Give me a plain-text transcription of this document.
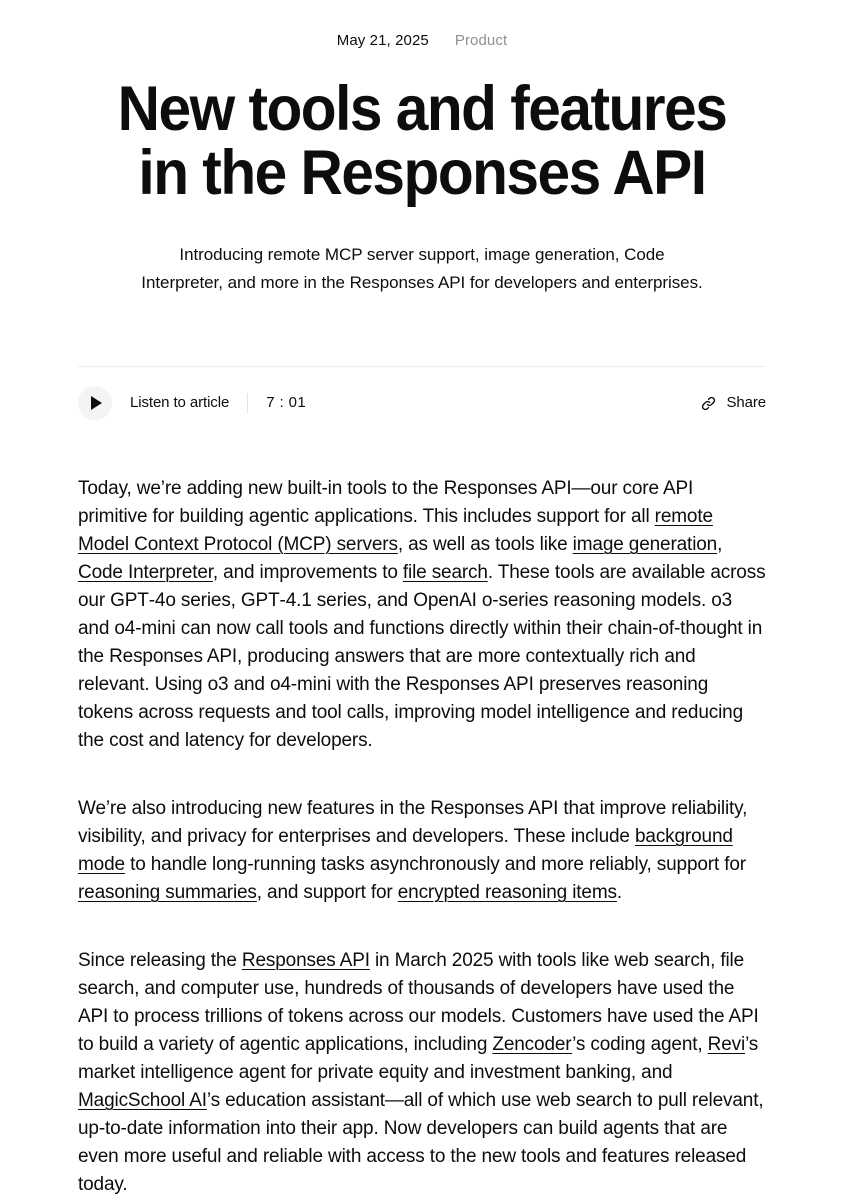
May 21, 2025 Product
New tools and features
in the Responses API
Introducing remote MCP server support, image generation, Code
Interpreter, and more in the Responses API for developers and enterprises.
Listen to article 7 : 01	Share

Today, we’re adding new built-in tools to the Responses API—our core API primitive for building agentic applications. This includes support for all remote Model Context Protocol (MCP) servers, as well as tools like image generation, Code Interpreter, and improvements to file search. These tools are available across our GPT‑4o series, GPT‑4.1 series, and OpenAI o‑series reasoning models. o3 and o4‑mini can now call tools and functions directly within their chain‑of‑thought in the Responses API, producing answers that are more contextually rich and relevant. Using o3 and o4‑mini with the Responses API preserves reasoning tokens across requests and tool calls, improving model intelligence and reducing the cost and latency for developers.

We’re also introducing new features in the Responses API that improve reliability, visibility, and privacy for enterprises and developers. These include background mode to handle long‑running tasks asynchronously and more reliably, support for reasoning summaries, and support for encrypted reasoning items.

Since releasing the Responses API in March 2025 with tools like web search, file search, and computer use, hundreds of thousands of developers have used the API to process trillions of tokens across our models. Customers have used the API to build a variety of agentic applications, including Zencoder’s coding agent, Revi’s market intelligence agent for private equity and investment banking, and MagicSchool AI’s education assistant—all of which use web search to pull relevant, up‑to‑date information into their app. Now developers can build agents that are even more useful and reliable with access to the new tools and features released today.
